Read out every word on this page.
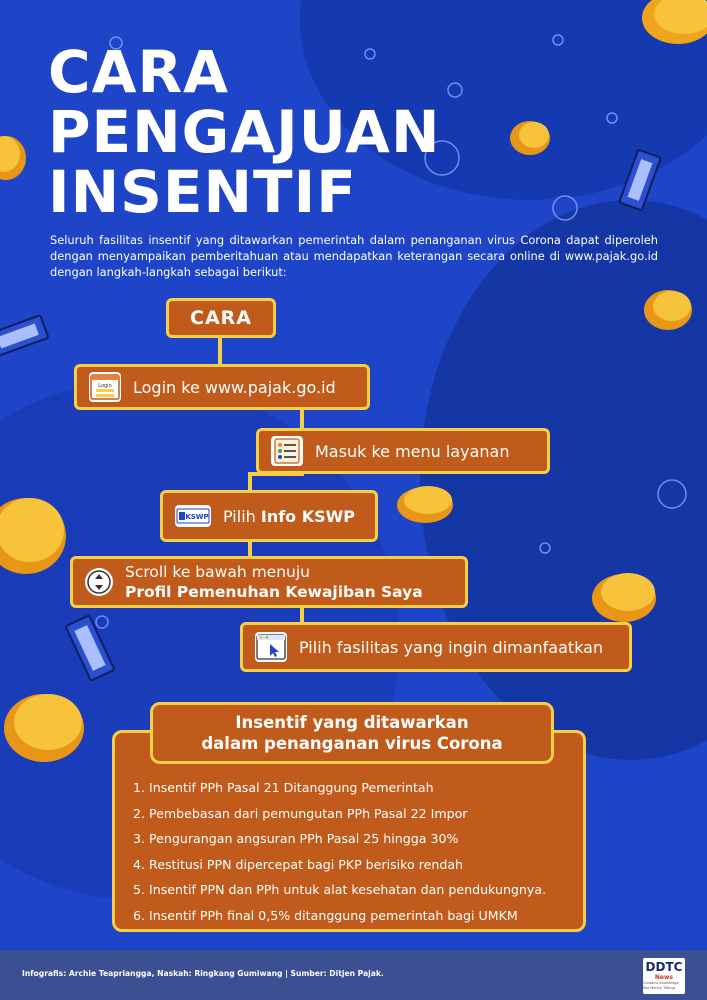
CARA
PENGAJUAN
INSENTIF

Seluruh fasilitas insentif yang ditawarkan pemerintah dalam penanganan virus Corona dapat diperoleh dengan menyampaikan pemberitahuan atau mendapatkan keterangan secara online di www.pajak.go.id dengan langkah-langkah sebagai berikut:

CARA
Login Login ke www.pajak.go.id
Masuk ke menu layanan
KSWP Pilih Info KSWP
Scroll ke bawah menuju
Profil Pemenuhan Kewajiban Saya
Pilih fasilitas yang ingin dimanfaatkan
1. Insentif PPh Pasal 21 Ditanggung Pemerintah
2. Pembebasan dari pemungutan PPh Pasal 22 Impor
3. Pengurangan angsuran PPh Pasal 25 hingga 30%
4. Restitusi PPN dipercepat bagi PKP berisiko rendah
5. Insentif PPN dan PPh untuk alat kesehatan dan pendukungnya.
6. Insentif PPh final 0,5% ditanggung pemerintah bagi UMKM
Insentif yang ditawarkan
dalam penanganan virus Corona
Infografis: Archie Teapriangga, Naskah: Ringkang Gumiwang | Sumber: Ditjen Pajak.	DDTC
News
Contains Knowledge, Not Merely Tidings
